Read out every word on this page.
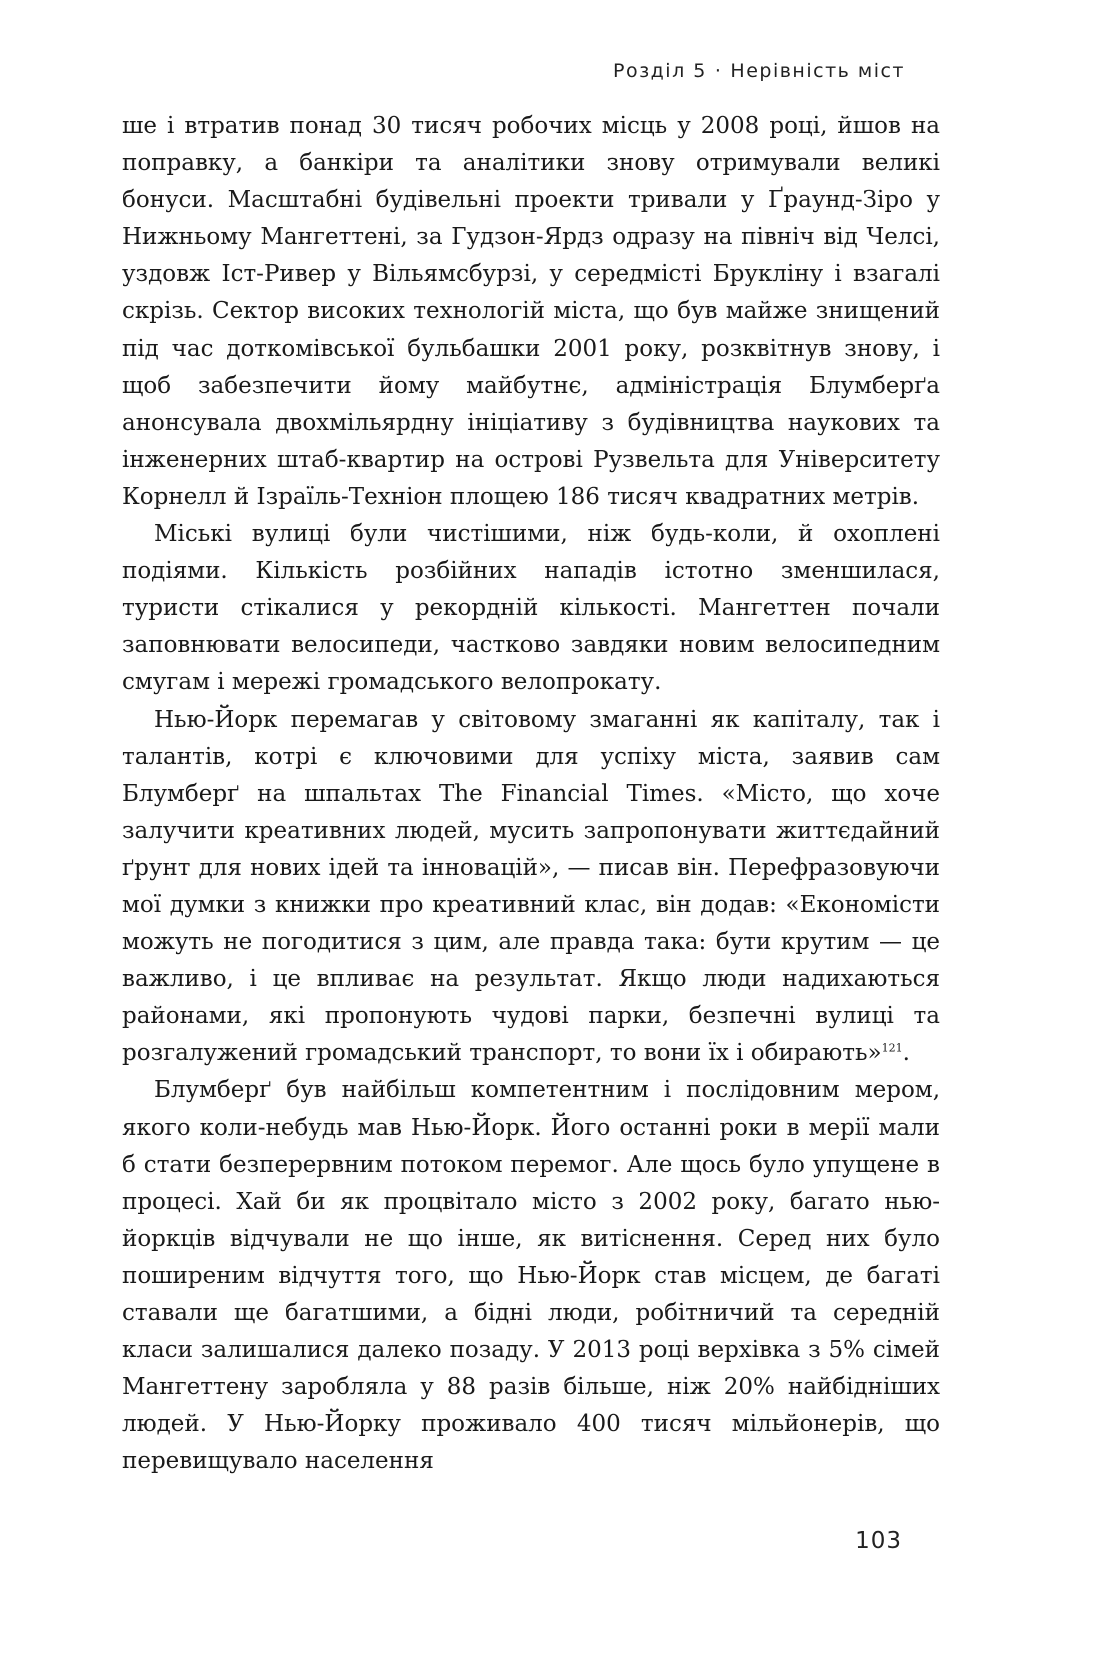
Розділ 5 · Нерівність міст

ше і втратив понад 30 тисяч робочих місць у 2008 році, йшов на поправку, а банкіри та аналітики знову отримували великі бонуси. Масштабні будівельні проекти тривали у Ґраунд-Зіро у Нижньому Мангеттені, за Гудзон-Ярдз одразу на північ від Челсі, уздовж Іст-Ривер у Вільямсбурзі, у середмісті Брукліну і взагалі скрізь. Сектор високих технологій міста, що був майже знищений під час доткомівської бульбашки 2001 року, розквітнув знову, і щоб забезпечити йому майбутнє, адміністрація Блумберґа анонсувала двохмільярдну ініціативу з будівництва наукових та інженерних штаб-квартир на острові Рузвельта для Університету Корнелл й Ізраїль-Техніон площею 186 тисяч квадратних метрів.

Міські вулиці були чистішими, ніж будь-коли, й охоплені подіями. Кількість розбійних нападів істотно зменшилася, туристи стікалися у рекордній кількості. Мангеттен почали заповнювати велосипеди, частково завдяки новим велосипедним смугам і мережі громадського велопрокату.

Нью-Йорк перемагав у світовому змаганні як капіталу, так і талантів, котрі є ключовими для успіху міста, заявив сам Блумберґ на шпальтах The Financial Times. «Місто, що хоче залучити креативних людей, мусить запропонувати життєдайний ґрунт для нових ідей та інновацій», — писав він. Перефразовуючи мої думки з книжки про креативний клас, він додав: «Економісти можуть не погодитися з цим, але правда така: бути крутим — це важливо, і це впливає на результат. Якщо люди надихаються районами, які пропонують чудові парки, безпечні вулиці та розгалужений громадський транспорт, то вони їх і обирають»$^{121}$.

Блумберґ був найбільш компетентним і послідовним мером, якого коли-небудь мав Нью-Йорк. Його останні роки в мерії мали б стати безперервним потоком перемог. Але щось було упущене в процесі. Хай би як процвітало місто з 2002 року, багато нью-йоркців відчували не що інше, як витіснення. Серед них було поширеним відчуття того, що Нью-Йорк став місцем, де багаті ставали ще багатшими, а бідні люди, робітничий та середній класи залишалися далеко позаду. У 2013 році верхівка з 5% сімей Мангеттену заробляла у 88 разів більше, ніж 20% найбідніших людей. У Нью-Йорку проживало 400 тисяч мільйонерів, що перевищувало населення

103
